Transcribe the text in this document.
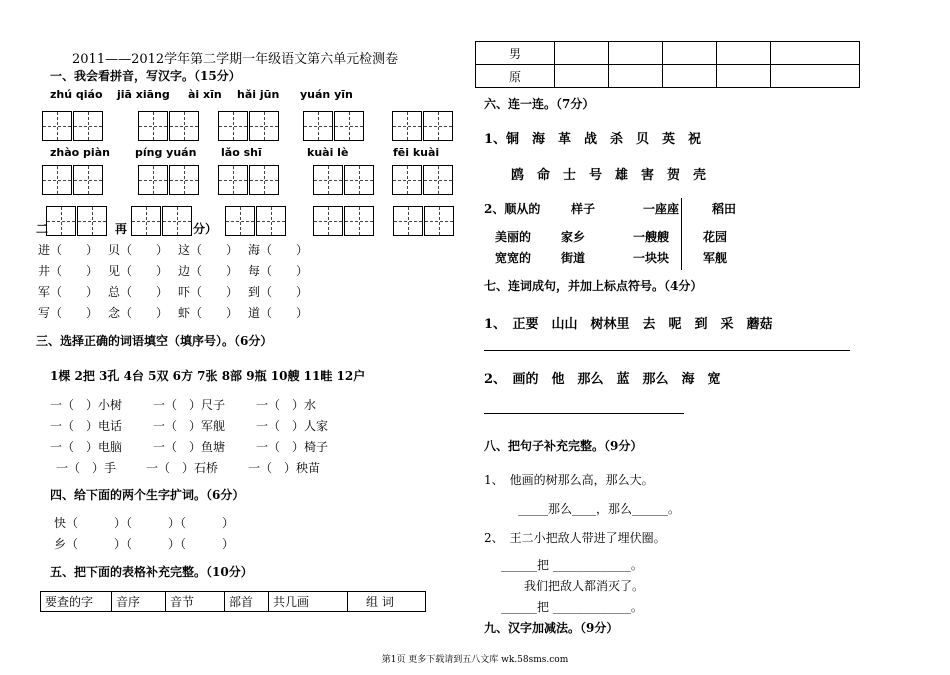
2011——2012学年第二学期一年级语文第六单元检测卷
一、我会看拼音，写汉字。（15分）
zhú qiáo jiā xiāng ài xīn hǎi jūn yuán yīn
zhào piàn píng yuán lǎo shī	kuài lè	fēi kuài
二	再	分）
进（　　） 贝（　　） 这（　　） 海（　　）
井（　　） 见（　　） 边（　　） 每（　　）
军（　　） 总（　　） 吓（　　） 到（　　）
写（　　） 念（　　） 虾（　　） 道（　　）
三、选择正确的词语填空（填序号）。（6分）
1棵 2把 3孔 4台 5双 6方 7张 8部 9瓶 10艘 11畦 12户
一（　）小树	一（　）尺子	一（　）水
一（　）电话	一（　）军舰	一（　）人家
一（　）电脑	一（　）鱼塘	一（　）椅子
一（　）手 一（　）石桥 一（　）秧苗
四、给下面的两个生字扩词。（6分）
快（　　　）（　　　）（　　　）
乡（　　　）（　　　）（　　　）
五、把下面的表格补充完整。（10分）
要查的字	音序	音节	部首	共几画	组 词
男					
原					
六、连一连。（7分）
1、铜　海　革　战　杀　贝　英　祝
鸥　命　士　号　雄　害　贺　壳
2、顺从的	样子	一座座	稻田
美丽的 家乡	一艘艘	花园
宽宽的 街道	一块块	军舰
七、连词成句，并加上标点符号。（4分）
1、　正要　山山　树林里　去　呢　到　采　蘑菇
2、　画的　他　那么　蓝　那么　海　宽
八、把句子补充完整。（9分）
1、　他画的树那么高，那么大。
_____那么____，那么______。
2、　王二小把敌人带进了埋伏圈。
______把 _____________。
我们把敌人都消灭了。
______把 _____________。
九、汉字加减法。（9分）
第1页 更多下载请到五八文库 wk.58sms.com
